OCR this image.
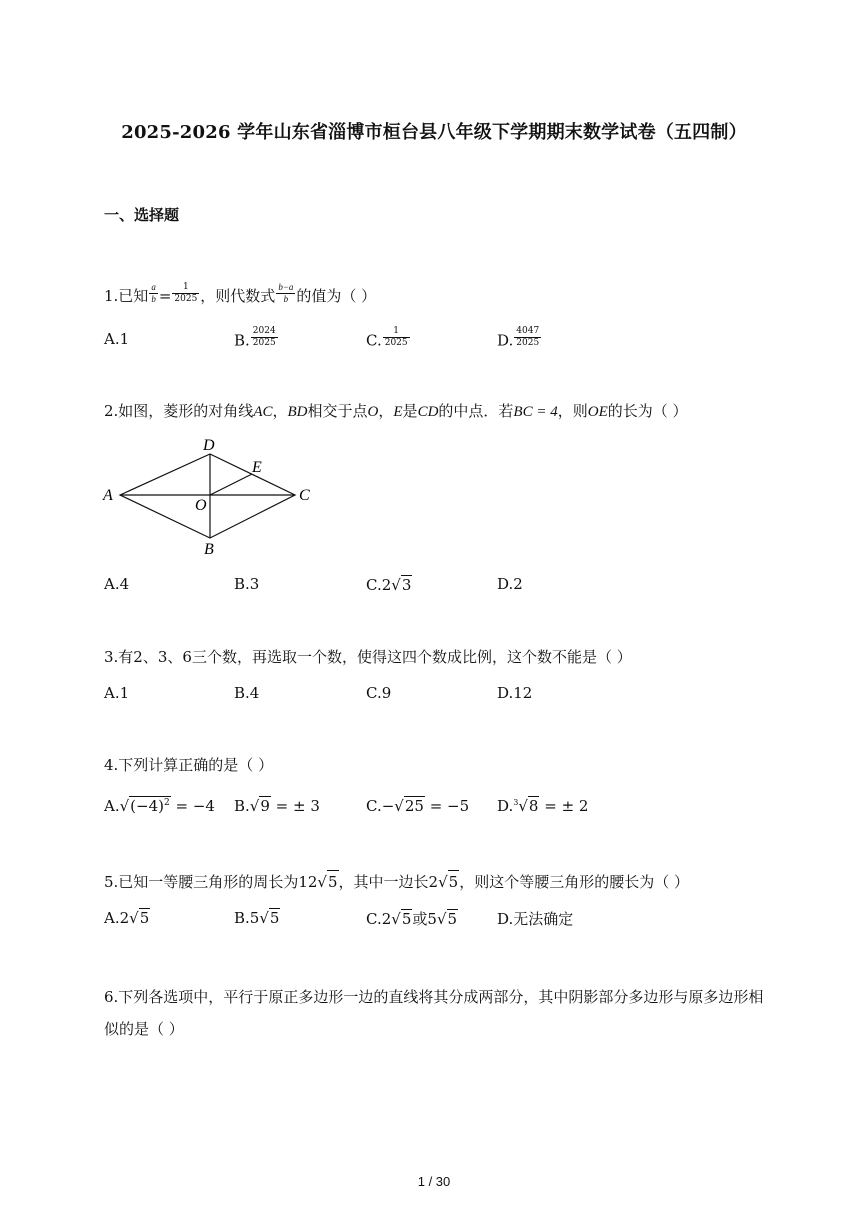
2025-2026 学年山东省淄博市桓台县八年级下学期期末数学试卷（五四制）
一、选择题
1.已知 $\frac{a}{b} = \frac{1}{2025}$ ，则代数式 $\frac{b-a}{b}$ 的值为（ ）
A.1	B. $\frac{2024}{2025}$	C. $\frac{1}{2025}$	D. $\frac{4047}{2025}$
2.如图，菱形的对角线AC，BD相交于点O，E是CD的中点．若BC = 4，则OE的长为（ ）
A
D
E
C
O
B
A.4	B.3	C.2√3	D.2
3.有2、3、6三个数，再选取一个数，使得这四个数成比例，这个数不能是（ ）
A.1	B.4	C.9	D.12
4.下列计算正确的是（ ）
$A.√(-4)^2 = -4$ B.√9 = ± 3	C.−√25 = −5 D.$^3$√8 = ± 2
5.已知一等腰三角形的周长为12√5，其中一边长2√5，则这个等腰三角形的腰长为（ ）
A.2√5	B.5√5	C.2√5或5√5	D.无法确定
6.下列各选项中，平行于原正多边形一边的直线将其分成两部分，其中阴影部分多边形与原多边形相似的是（ ）
1 / 30
